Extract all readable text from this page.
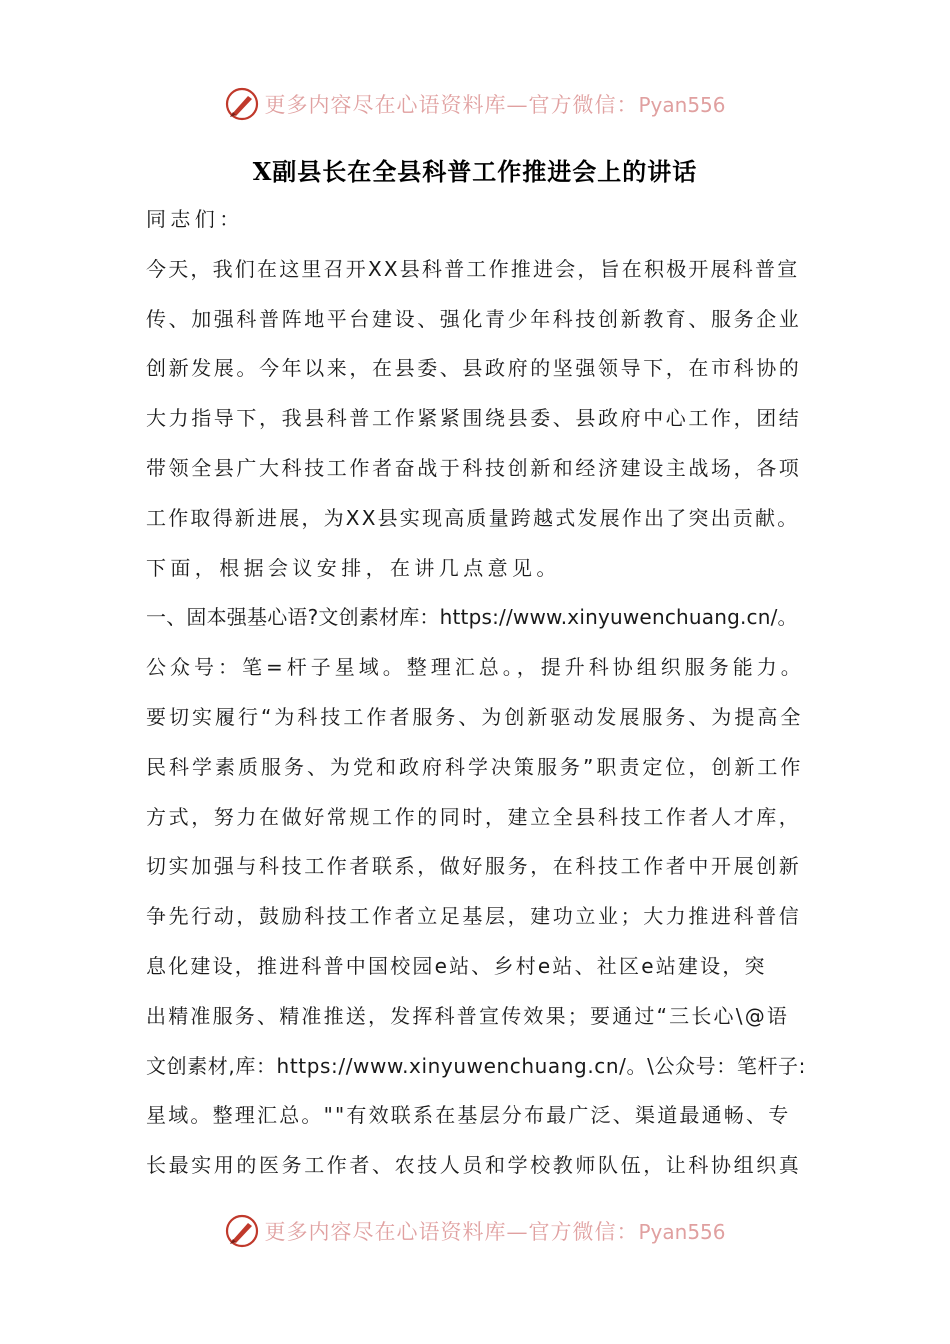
更多内容尽在心语资料库—官方微信：Pyan556
X副县长在全县科普工作推进会上的讲话
同志们：
今天，我们在这里召开XX县科普工作推进会，旨在积极开展科普宣
传、加强科普阵地平台建设、强化青少年科技创新教育、服务企业
创新发展。今年以来，在县委、县政府的坚强领导下，在市科协的
大力指导下，我县科普工作紧紧围绕县委、县政府中心工作，团结
带领全县广大科技工作者奋战于科技创新和经济建设主战场，各项
工作取得新进展，为XX县实现高质量跨越式发展作出了突出贡献。
下面，根据会议安排，在讲几点意见。
一、固本强基心语?文创素材库：https://www.xinyuwenchuang.cn/。
公众号：笔=杆子星域。整理汇总。，提升科协组织服务能力。
要切实履行“为科技工作者服务、为创新驱动发展服务、为提高全
民科学素质服务、为党和政府科学决策服务”职责定位，创新工作
方式，努力在做好常规工作的同时，建立全县科技工作者人才库，
切实加强与科技工作者联系，做好服务，在科技工作者中开展创新
争先行动，鼓励科技工作者立足基层，建功立业；大力推进科普信
息化建设，推进科普中国校园e站、乡村e站、社区e站建设，突
出精准服务、精准推送，发挥科普宣传效果；要通过“三长心\@语
文创素材,库：https://www.xinyuwenchuang.cn/。\公众号：笔杆子:
星域。整理汇总。""有效联系在基层分布最广泛、渠道最通畅、专
长最实用的医务工作者、农技人员和学校教师队伍，让科协组织真
更多内容尽在心语资料库—官方微信：Pyan556
